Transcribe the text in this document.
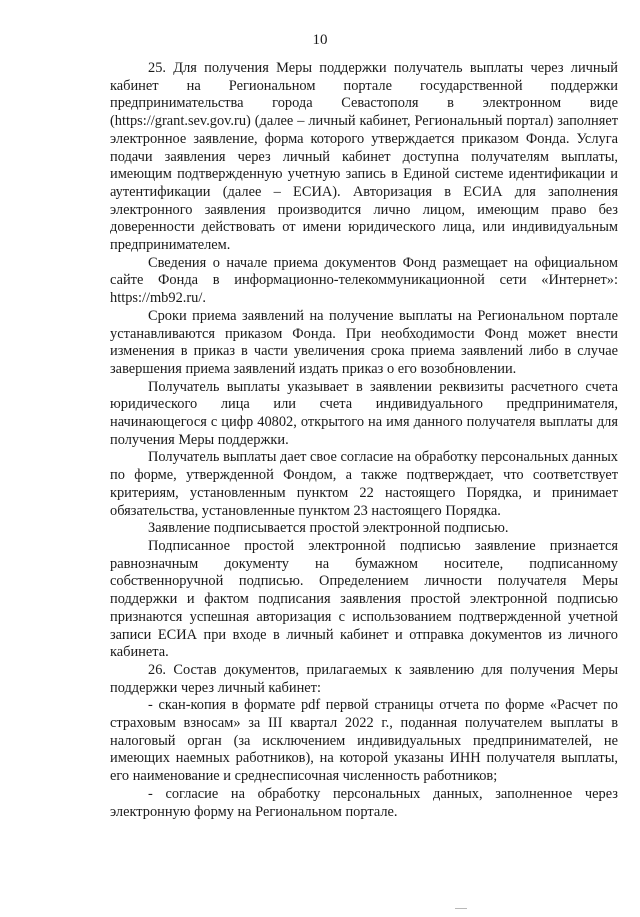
10

25. Для получения Меры поддержки получатель выплаты через личный кабинет на Региональном портале государственной поддержки предпринимательства города Севастополя в электронном виде (https://grant.sev.gov.ru) (далее – личный кабинет, Региональный портал) заполняет электронное заявление, форма которого утверждается приказом Фонда. Услуга подачи заявления через личный кабинет доступна получателям выплаты, имеющим подтвержденную учетную запись в Единой системе идентификации и аутентификации (далее – ЕСИА). Авторизация в ЕСИА для заполнения электронного заявления производится лично лицом, имеющим право без доверенности действовать от имени юридического лица, или индивидуальным предпринимателем.

Сведения о начале приема документов Фонд размещает на официальном сайте Фонда в информационно-телекоммуникационной сети «Интернет»: https://mb92.ru/.

Сроки приема заявлений на получение выплаты на Региональном портале устанавливаются приказом Фонда. При необходимости Фонд может внести изменения в приказ в части увеличения срока приема заявлений либо в случае завершения приема заявлений издать приказ о его возобновлении.

Получатель выплаты указывает в заявлении реквизиты расчетного счета юридического лица или счета индивидуального предпринимателя, начинающегося с цифр 40802, открытого на имя данного получателя выплаты для получения Меры поддержки.

Получатель выплаты дает свое согласие на обработку персональных данных по форме, утвержденной Фондом, а также подтверждает, что соответствует критериям, установленным пунктом 22 настоящего Порядка, и принимает обязательства, установленные пунктом 23 настоящего Порядка.

Заявление подписывается простой электронной подписью.

Подписанное простой электронной подписью заявление признается равнозначным документу на бумажном носителе, подписанному собственноручной подписью. Определением личности получателя Меры поддержки и фактом подписания заявления простой электронной подписью признаются успешная авторизация с использованием подтвержденной учетной записи ЕСИА при входе в личный кабинет и отправка документов из личного кабинета.

26. Состав документов, прилагаемых к заявлению для получения Меры поддержки через личный кабинет:

- скан-копия в формате pdf первой страницы отчета по форме «Расчет по страховым взносам» за III квартал 2022 г., поданная получателем выплаты в налоговый орган (за исключением индивидуальных предпринимателей, не имеющих наемных работников), на которой указаны ИНН получателя выплаты, его наименование и среднесписочная численность работников;

- согласие на обработку персональных данных, заполненное через электронную форму на Региональном портале.
